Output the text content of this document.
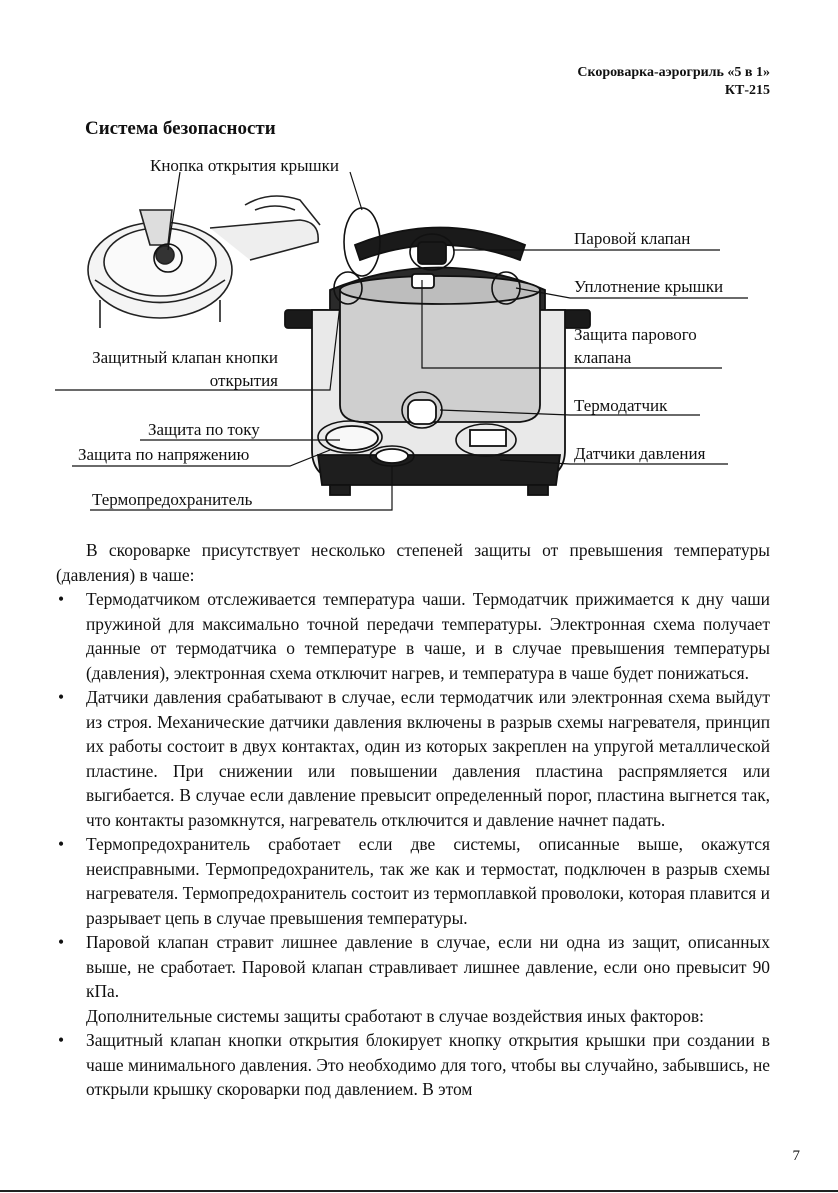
Скороварка-аэрогриль «5 в 1»
КТ-215
Система безопасности
Кнопка открытия крышки
Паровой клапан
Уплотнение крышки
Защита парового
клапана
Термодатчик
Датчики давления
Защитный клапан кнопки
открытия
Защита по току
Защита по напряжению
Термопредохранитель

В скороварке присутствует несколько степеней защиты от превышения температуры (давления) в чаше:

• Термодатчиком отслеживается температура чаши. Термодатчик прижимается к дну чаши пружиной для максимально точной передачи температуры. Электронная схема получает данные от термодатчика о температуре в чаше, и в случае превышения температуры (давления), электронная схема отключит нагрев, и температура в чаше будет понижаться.
• Датчики давления срабатывают в случае, если термодатчик или электронная схема выйдут из строя. Механические датчики давления включены в разрыв схемы нагревателя, принцип их работы состоит в двух контактах, один из которых закреплен на упругой металлической пластине. При снижении или повышении давления пластина распрямляется или выгибается. В случае если давление превысит определенный порог, пластина выгнется так, что контакты разомкнутся, нагреватель отключится и давление начнет падать.
• Термопредохранитель сработает если две системы, описанные выше, окажутся неисправными. Термопредохранитель, так же как и термостат, подключен в разрыв схемы нагревателя. Термопредохранитель состоит из термоплавкой проволоки, которая плавится и разрывает цепь в случае превышения температуры.
• Паровой клапан стравит лишнее давление в случае, если ни одна из защит, описанных выше, не сработает. Паровой клапан стравливает лишнее давление, если оно превысит 90 кПа.

Дополнительные системы защиты сработают в случае воздействия иных факторов:

• Защитный клапан кнопки открытия блокирует кнопку открытия крышки при создании в чаше минимального давления. Это необходимо для того, чтобы вы случайно, забывшись, не открыли крышку скороварки под давлением. В этом
7
